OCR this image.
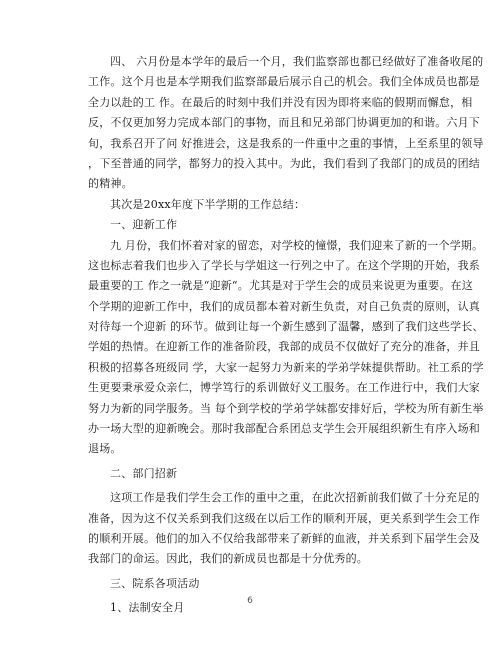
四、 六月份是本学年的最后一个月，我们监察部也都已经做好了准备收尾的
工作。这个月也是本学期我们监察部最后展示自己的机会。我们全体成员也都是
全力以赴的工 作。在最后的时刻中我们并没有因为即将来临的假期而懈怠，相
反，不仅更加努力完成本部门的事物，而且和兄弟部门协调更加的和谐。六月下
旬，我系召开了问 好推进会，这是我系的一件重中之重的事情，上至系里的领导
，下至普通的同学，都努力的投入其中。为此，我们看到了我部门的成员的团结
的精神。
其次是20xx年度下半学期的工作总结：
一、迎新工作
九 月份，我们怀着对家的留恋，对学校的憧憬，我们迎来了新的一个学期。
这也标志着我们也步入了学长与学姐这一行列之中了。在这个学期的开始，我系
最重要的工 作之一就是“迎新“。尤其是对于学生会的成员来说更为重要。在这
个学期的迎新工作中，我们的成员都本着对新生负责，对自己负责的原则，认真
对待每一个迎新 的环节。做到让每一个新生感到了温馨，感到了我们这些学长、
学姐的热情。在迎新工作的准备阶段，我部的成员不仅做好了充分的准备，并且
积极的招募各班级同 学，大家一起努力为新来的学弟学妹提供帮助。社工系的学
生更要秉承爱众亲仁，博学笃行的系训做好义工服务。在工作进行中，我们大家
努力为新的同学服务。当 每个到学校的学弟学妹都安排好后，学校为所有新生举
办一场大型的迎新晚会。那时我部配合系团总支学生会开展组织新生有序入场和
退场。
二、部门招新
这项工作是我们学生会工作的重中之重，在此次招新前我们做了十分充足的
准备，因为这不仅关系到我们这级在以后工作的顺利开展，更关系到学生会工作
的顺利开展。他们的加入不仅给我部带来了新鲜的血液，并关系到下届学生会及
我部门的命运。因此，我们的新成员也都是十分优秀的。
三、院系各项活动
1、法制安全月
6
